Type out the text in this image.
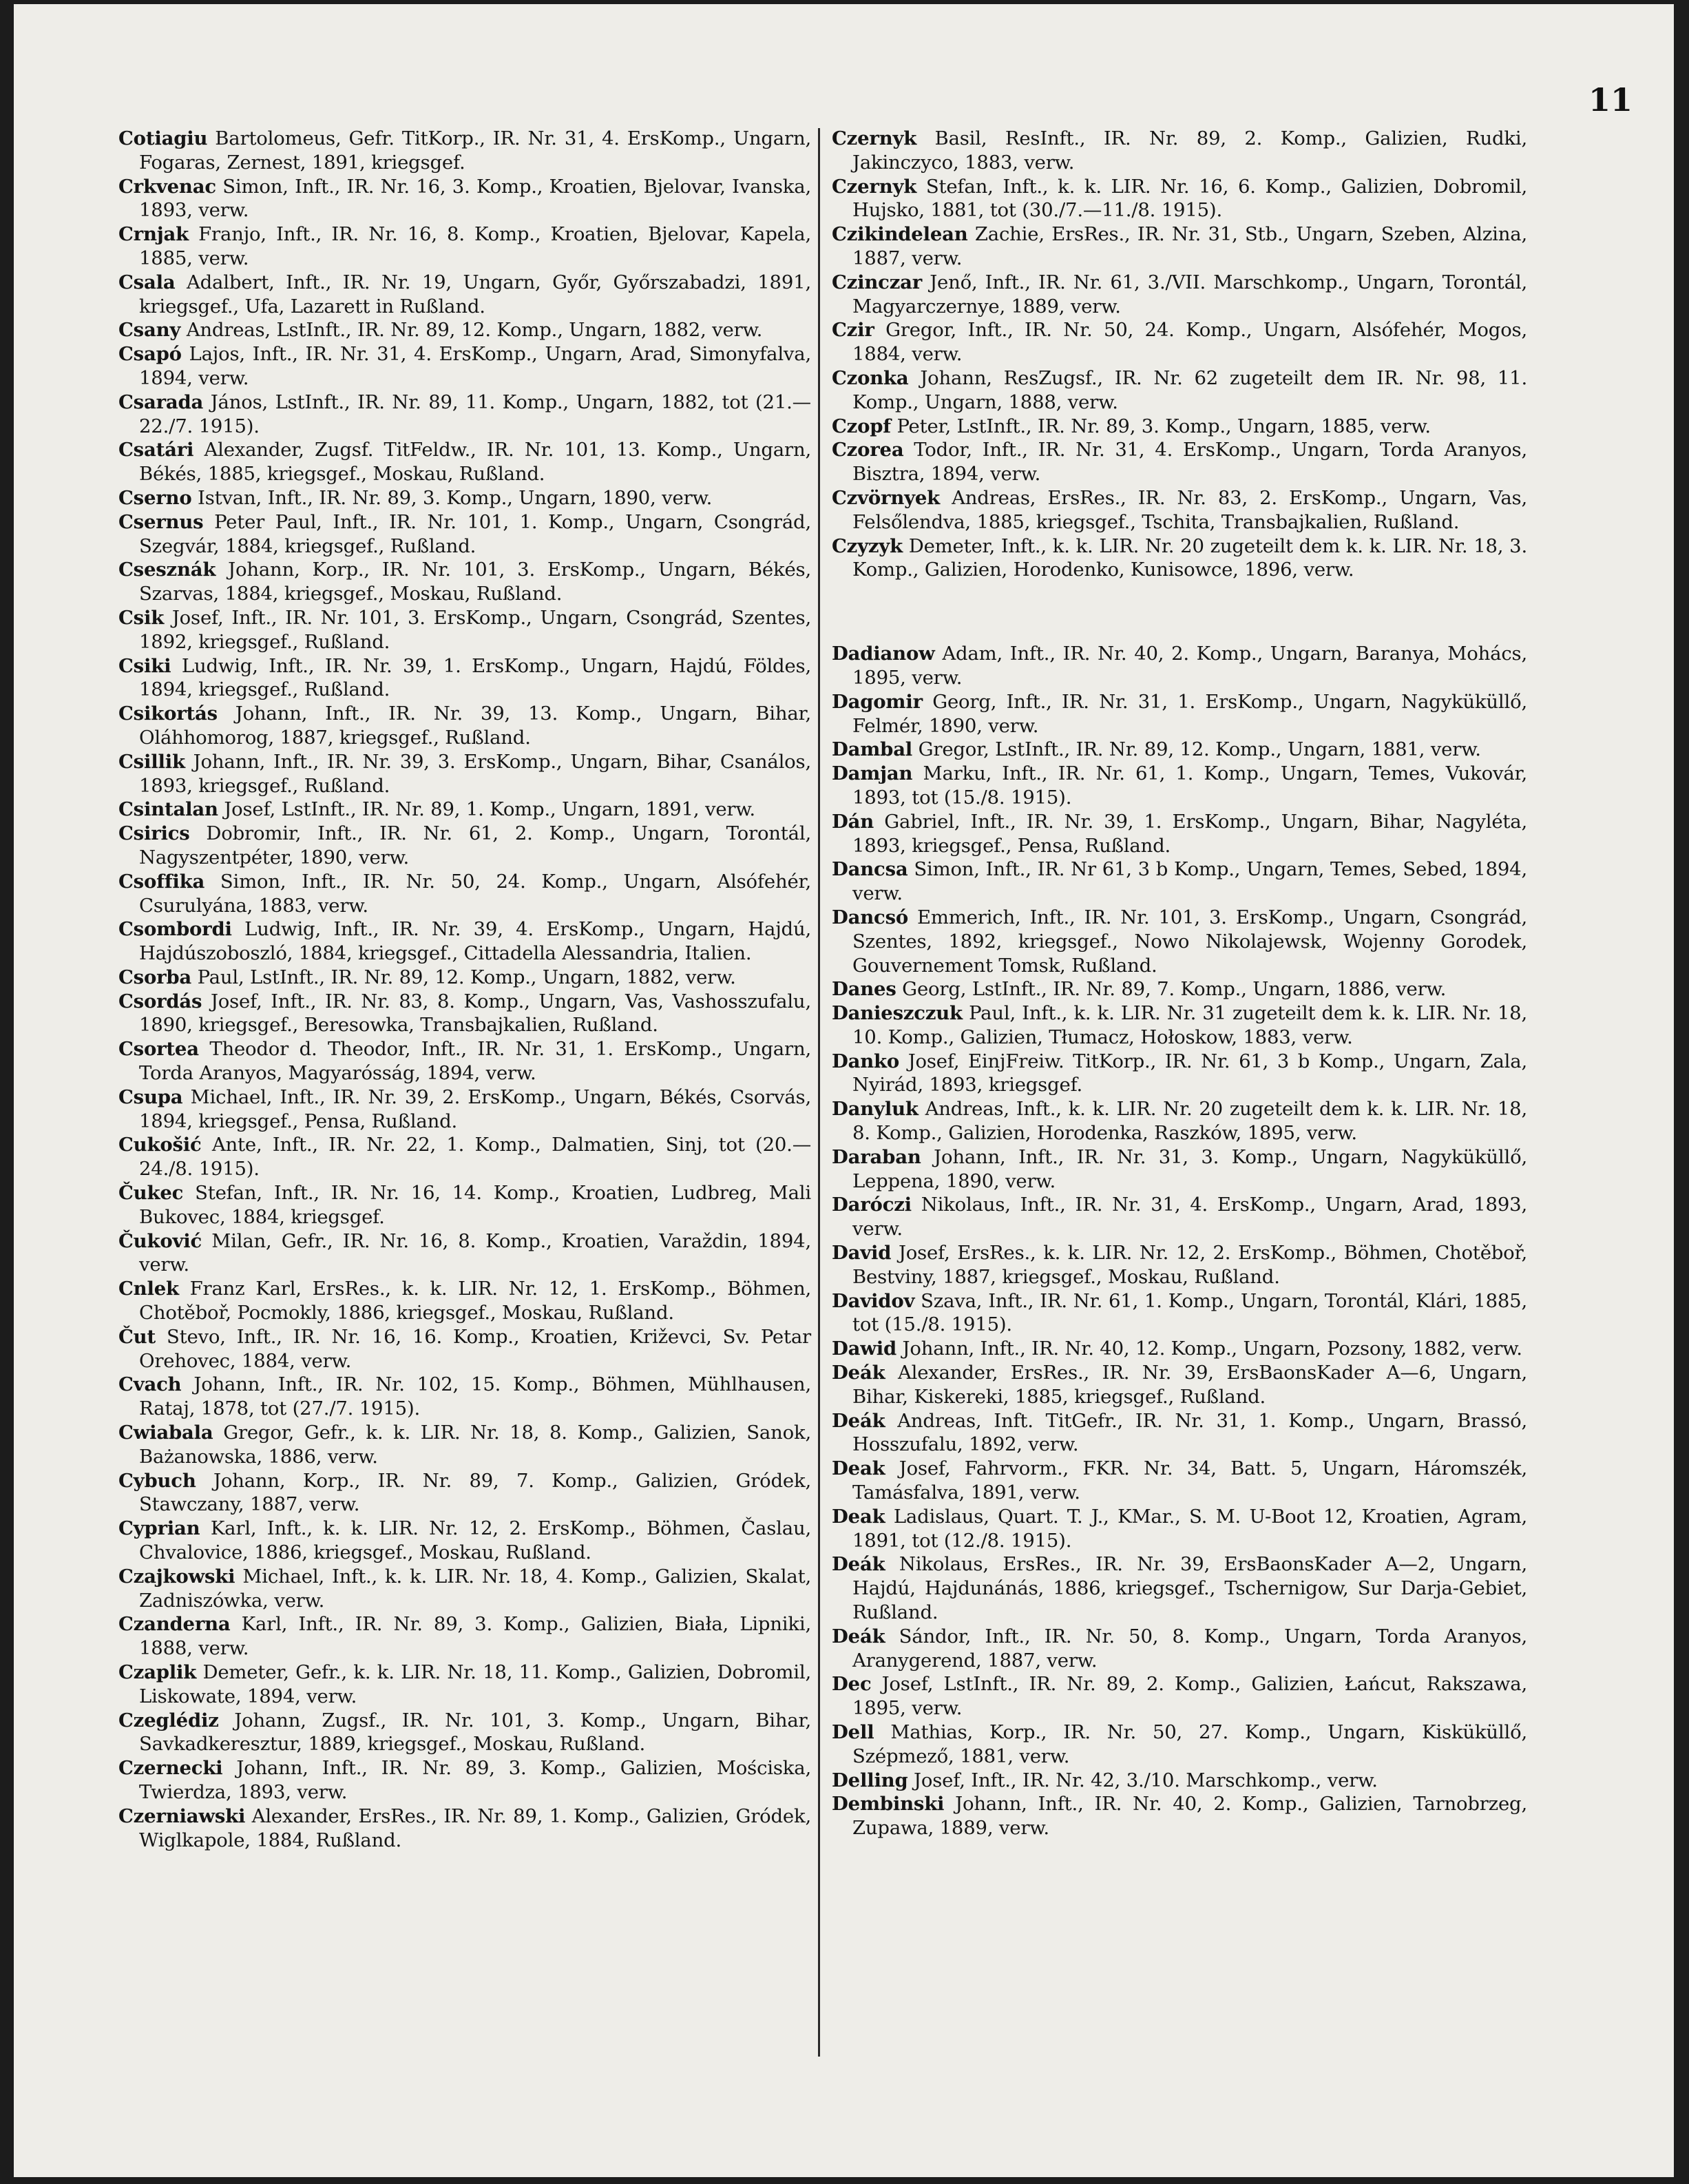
11

Cotiagiu Bartolomeus, Gefr. TitKorp., IR. Nr. 31, 4. ErsKomp., Ungarn, Fogaras, Zernest, 1891, kriegsgef.

Crkvenac Simon, Inft., IR. Nr. 16, 3. Komp., Kroatien, Bjelovar, Ivanska, 1893, verw.

Crnjak Franjo, Inft., IR. Nr. 16, 8. Komp., Kroatien, Bjelovar, Kapela, 1885, verw.

Csala Adalbert, Inft., IR. Nr. 19, Ungarn, Győr, Győrszabadzi, 1891, kriegsgef., Ufa, Lazarett in Rußland.

Csany Andreas, LstInft., IR. Nr. 89, 12. Komp., Ungarn, 1882, verw.

Csapó Lajos, Inft., IR. Nr. 31, 4. ErsKomp., Ungarn, Arad, Simonyfalva, 1894, verw.

Csarada János, LstInft., IR. Nr. 89, 11. Komp., Ungarn, 1882, tot (21.—22./7. 1915).

Csatári Alexander, Zugsf. TitFeldw., IR. Nr. 101, 13. Komp., Ungarn, Békés, 1885, kriegsgef., Moskau, Rußland.

Cserno Istvan, Inft., IR. Nr. 89, 3. Komp., Ungarn, 1890, verw.

Csernus Peter Paul, Inft., IR. Nr. 101, 1. Komp., Ungarn, Csongrád, Szegvár, 1884, kriegsgef., Rußland.

Csesznák Johann, Korp., IR. Nr. 101, 3. ErsKomp., Ungarn, Békés, Szarvas, 1884, kriegsgef., Moskau, Rußland.

Csik Josef, Inft., IR. Nr. 101, 3. ErsKomp., Ungarn, Csongrád, Szentes, 1892, kriegsgef., Rußland.

Csiki Ludwig, Inft., IR. Nr. 39, 1. ErsKomp., Ungarn, Hajdú, Földes, 1894, kriegsgef., Rußland.

Csikortás Johann, Inft., IR. Nr. 39, 13. Komp., Ungarn, Bihar, Oláhhomorog, 1887, kriegsgef., Rußland.

Csillik Johann, Inft., IR. Nr. 39, 3. ErsKomp., Ungarn, Bihar, Csanálos, 1893, kriegsgef., Rußland.

Csintalan Josef, LstInft., IR. Nr. 89, 1. Komp., Ungarn, 1891, verw.

Csirics Dobromir, Inft., IR. Nr. 61, 2. Komp., Ungarn, Torontál, Nagyszentpéter, 1890, verw.

Csoffika Simon, Inft., IR. Nr. 50, 24. Komp., Ungarn, Alsófehér, Csurulyána, 1883, verw.

Csombordi Ludwig, Inft., IR. Nr. 39, 4. ErsKomp., Ungarn, Hajdú, Hajdúszoboszló, 1884, kriegsgef., Cittadella Alessandria, Italien.

Csorba Paul, LstInft., IR. Nr. 89, 12. Komp., Ungarn, 1882, verw.

Csordás Josef, Inft., IR. Nr. 83, 8. Komp., Ungarn, Vas, Vashosszufalu, 1890, kriegsgef., Beresowka, Transbajkalien, Rußland.

Csortea Theodor d. Theodor, Inft., IR. Nr. 31, 1. ErsKomp., Ungarn, Torda Aranyos, Magyarósság, 1894, verw.

Csupa Michael, Inft., IR. Nr. 39, 2. ErsKomp., Ungarn, Békés, Csorvás, 1894, kriegsgef., Pensa, Rußland.

Cukošić Ante, Inft., IR. Nr. 22, 1. Komp., Dalmatien, Sinj, tot (20.—24./8. 1915).

Čukec Stefan, Inft., IR. Nr. 16, 14. Komp., Kroatien, Ludbreg, Mali Bukovec, 1884, kriegsgef.

Čuković Milan, Gefr., IR. Nr. 16, 8. Komp., Kroatien, Varaždin, 1894, verw.

Cnlek Franz Karl, ErsRes., k. k. LIR. Nr. 12, 1. ErsKomp., Böhmen, Chotěboř, Pocmokly, 1886, kriegsgef., Moskau, Rußland.

Čut Stevo, Inft., IR. Nr. 16, 16. Komp., Kroatien, Križevci, Sv. Petar Orehovec, 1884, verw.

Cvach Johann, Inft., IR. Nr. 102, 15. Komp., Böhmen, Mühlhausen, Rataj, 1878, tot (27./7. 1915).

Cwiabala Gregor, Gefr., k. k. LIR. Nr. 18, 8. Komp., Galizien, Sanok, Bażanowska, 1886, verw.

Cybuch Johann, Korp., IR. Nr. 89, 7. Komp., Galizien, Gródek, Stawczany, 1887, verw.

Cyprian Karl, Inft., k. k. LIR. Nr. 12, 2. ErsKomp., Böhmen, Časlau, Chvalovice, 1886, kriegsgef., Moskau, Rußland.

Czajkowski Michael, Inft., k. k. LIR. Nr. 18, 4. Komp., Galizien, Skalat, Zadniszówka, verw.

Czanderna Karl, Inft., IR. Nr. 89, 3. Komp., Galizien, Biała, Lipniki, 1888, verw.

Czaplik Demeter, Gefr., k. k. LIR. Nr. 18, 11. Komp., Galizien, Dobromil, Liskowate, 1894, verw.

Czeglédiz Johann, Zugsf., IR. Nr. 101, 3. Komp., Ungarn, Bihar, Savkadkeresztur, 1889, kriegsgef., Moskau, Rußland.

Czernecki Johann, Inft., IR. Nr. 89, 3. Komp., Galizien, Mościska, Twierdza, 1893, verw.

Czerniawski Alexander, ErsRes., IR. Nr. 89, 1. Komp., Galizien, Gródek, Wiglkapole, 1884, Rußland.

Czernyk Basil, ResInft., IR. Nr. 89, 2. Komp., Galizien, Rudki, Jakinczyco, 1883, verw.

Czernyk Stefan, Inft., k. k. LIR. Nr. 16, 6. Komp., Galizien, Dobromil, Hujsko, 1881, tot (30./7.—11./8. 1915).

Czikindelean Zachie, ErsRes., IR. Nr. 31, Stb., Ungarn, Szeben, Alzina, 1887, verw.

Czinczar Jenő, Inft., IR. Nr. 61, 3./VII. Marschkomp., Ungarn, Torontál, Magyarczernye, 1889, verw.

Czir Gregor, Inft., IR. Nr. 50, 24. Komp., Ungarn, Alsófehér, Mogos, 1884, verw.

Czonka Johann, ResZugsf., IR. Nr. 62 zugeteilt dem IR. Nr. 98, 11. Komp., Ungarn, 1888, verw.

Czopf Peter, LstInft., IR. Nr. 89, 3. Komp., Ungarn, 1885, verw.

Czorea Todor, Inft., IR. Nr. 31, 4. ErsKomp., Ungarn, Torda Aranyos, Bisztra, 1894, verw.

Czvörnyek Andreas, ErsRes., IR. Nr. 83, 2. ErsKomp., Ungarn, Vas, Felsőlendva, 1885, kriegsgef., Tschita, Transbajkalien, Rußland.

Czyzyk Demeter, Inft., k. k. LIR. Nr. 20 zugeteilt dem k. k. LIR. Nr. 18, 3. Komp., Galizien, Horodenko, Kunisowce, 1896, verw.

Dadianow Adam, Inft., IR. Nr. 40, 2. Komp., Ungarn, Baranya, Mohács, 1895, verw.

Dagomir Georg, Inft., IR. Nr. 31, 1. ErsKomp., Ungarn, Nagyküküllő, Felmér, 1890, verw.

Dambal Gregor, LstInft., IR. Nr. 89, 12. Komp., Ungarn, 1881, verw.

Damjan Marku, Inft., IR. Nr. 61, 1. Komp., Ungarn, Temes, Vukovár, 1893, tot (15./8. 1915).

Dán Gabriel, Inft., IR. Nr. 39, 1. ErsKomp., Ungarn, Bihar, Nagyléta, 1893, kriegsgef., Pensa, Rußland.

Dancsa Simon, Inft., IR. Nr 61, 3 b Komp., Ungarn, Temes, Sebed, 1894, verw.

Dancsó Emmerich, Inft., IR. Nr. 101, 3. ErsKomp., Ungarn, Csongrád, Szentes, 1892, kriegsgef., Nowo Nikolajewsk, Wojenny Gorodek, Gouvernement Tomsk, Rußland.

Danes Georg, LstInft., IR. Nr. 89, 7. Komp., Ungarn, 1886, verw.

Danieszczuk Paul, Inft., k. k. LIR. Nr. 31 zugeteilt dem k. k. LIR. Nr. 18, 10. Komp., Galizien, Tłumacz, Hołoskow, 1883, verw.

Danko Josef, EinjFreiw. TitKorp., IR. Nr. 61, 3 b Komp., Ungarn, Zala, Nyirád, 1893, kriegsgef.

Danyluk Andreas, Inft., k. k. LIR. Nr. 20 zugeteilt dem k. k. LIR. Nr. 18, 8. Komp., Galizien, Horodenka, Raszków, 1895, verw.

Daraban Johann, Inft., IR. Nr. 31, 3. Komp., Ungarn, Nagyküküllő, Leppena, 1890, verw.

Daróczi Nikolaus, Inft., IR. Nr. 31, 4. ErsKomp., Ungarn, Arad, 1893, verw.

David Josef, ErsRes., k. k. LIR. Nr. 12, 2. ErsKomp., Böhmen, Chotěboř, Bestviny, 1887, kriegsgef., Moskau, Rußland.

Davidov Szava, Inft., IR. Nr. 61, 1. Komp., Ungarn, Torontál, Klári, 1885, tot (15./8. 1915).

Dawid Johann, Inft., IR. Nr. 40, 12. Komp., Ungarn, Pozsony, 1882, verw.

Deák Alexander, ErsRes., IR. Nr. 39, ErsBaonsKader A—6, Ungarn, Bihar, Kiskereki, 1885, kriegsgef., Rußland.

Deák Andreas, Inft. TitGefr., IR. Nr. 31, 1. Komp., Ungarn, Brassó, Hosszufalu, 1892, verw.

Deak Josef, Fahrvorm., FKR. Nr. 34, Batt. 5, Ungarn, Háromszék, Tamásfalva, 1891, verw.

Deak Ladislaus, Quart. T. J., KMar., S. M. U-Boot 12, Kroatien, Agram, 1891, tot (12./8. 1915).

Deák Nikolaus, ErsRes., IR. Nr. 39, ErsBaonsKader A—2, Ungarn, Hajdú, Hajdunánás, 1886, kriegsgef., Tschernigow, Sur Darja-Gebiet, Rußland.

Deák Sándor, Inft., IR. Nr. 50, 8. Komp., Ungarn, Torda Aranyos, Aranygerend, 1887, verw.

Dec Josef, LstInft., IR. Nr. 89, 2. Komp., Galizien, Łańcut, Rakszawa, 1895, verw.

Dell Mathias, Korp., IR. Nr. 50, 27. Komp., Ungarn, Kisküküllő, Szépmező, 1881, verw.

Delling Josef, Inft., IR. Nr. 42, 3./10. Marschkomp., verw.

Dembinski Johann, Inft., IR. Nr. 40, 2. Komp., Galizien, Tarnobrzeg, Zupawa, 1889, verw.
